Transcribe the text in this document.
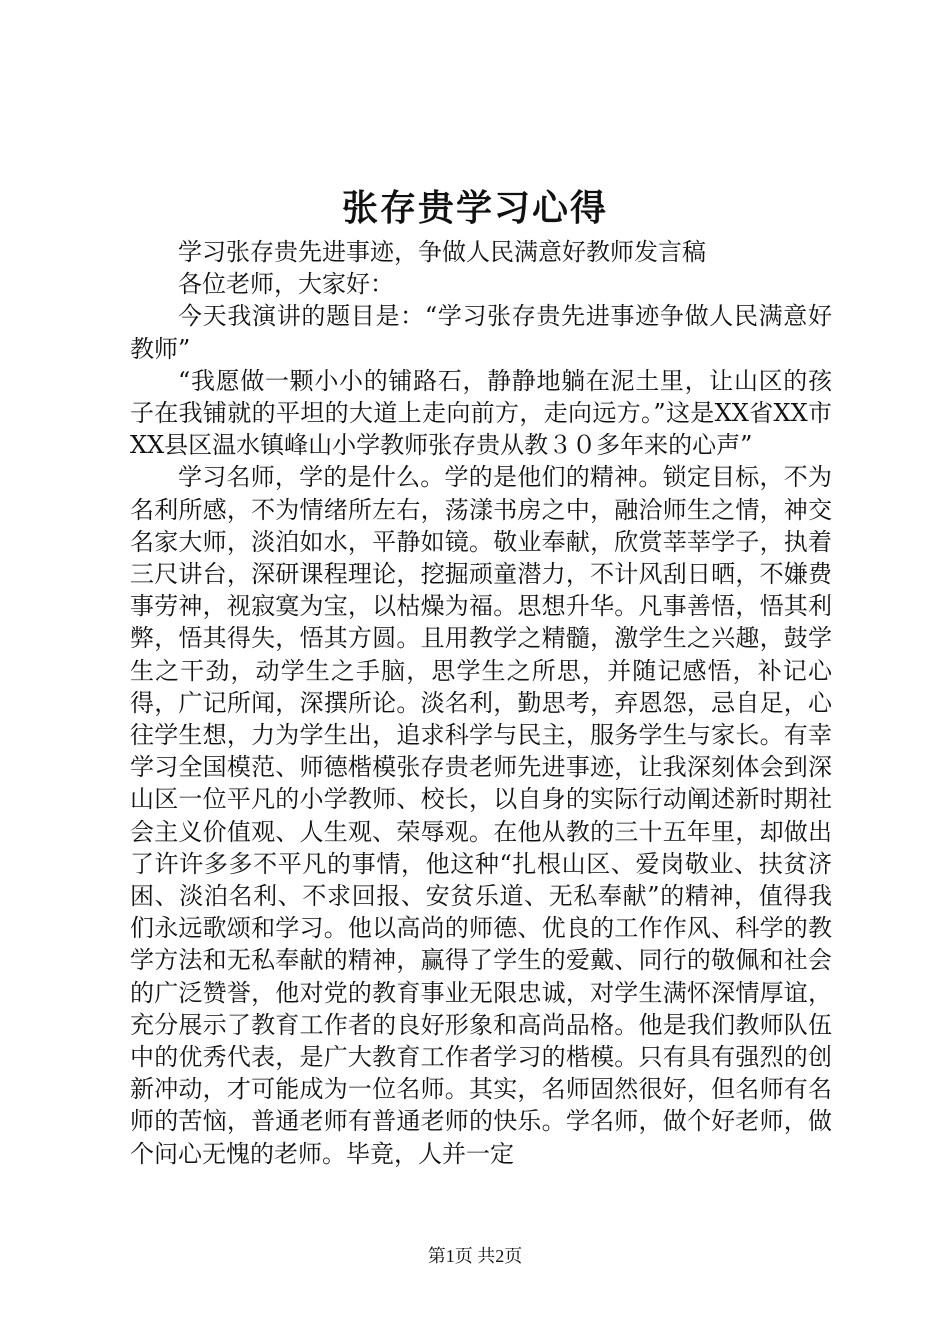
张存贵学习心得

学习张存贵先进事迹，争做人民满意好教师发言稿

各位老师，大家好：

今天我演讲的题目是：“学习张存贵先进事迹争做人民满意好教师”

“我愿做一颗小小的铺路石，静静地躺在泥土里，让山区的孩子在我铺就的平坦的大道上走向前方，走向远方。”这是XX省XX市XX县区温水镇峰山小学教师张存贵从教３０多年来的心声”

学习名师，学的是什么。学的是他们的精神。锁定目标，不为名利所感，不为情绪所左右，荡漾书房之中，融洽师生之情，神交名家大师，淡泊如水，平静如镜。敬业奉献，欣赏莘莘学子，执着三尺讲台，深研课程理论，挖掘顽童潜力，不计风刮日晒，不嫌费事劳神，视寂寞为宝，以枯燥为福。思想升华。凡事善悟，悟其利弊，悟其得失，悟其方圆。且用教学之精髓，激学生之兴趣，鼓学生之干劲，动学生之手脑，思学生之所思，并随记感悟，补记心得，广记所闻，深撰所论。淡名利，勤思考，弃恩怨，忌自足，心往学生想，力为学生出，追求科学与民主，服务学生与家长。有幸学习全国模范、师德楷模张存贵老师先进事迹，让我深刻体会到深山区一位平凡的小学教师、校长，以自身的实际行动阐述新时期社会主义价值观、人生观、荣辱观。在他从教的三十五年里，却做出了许许多多不平凡的事情，他这种“扎根山区、爱岗敬业、扶贫济困、淡泊名利、不求回报、安贫乐道、无私奉献”的精神，值得我们永远歌颂和学习。他以高尚的师德、优良的工作作风、科学的教学方法和无私奉献的精神，赢得了学生的爱戴、同行的敬佩和社会的广泛赞誉，他对党的教育事业无限忠诚，对学生满怀深情厚谊，充分展示了教育工作者的良好形象和高尚品格。他是我们教师队伍中的优秀代表，是广大教育工作者学习的楷模。只有具有强烈的创新冲动，才可能成为一位名师。其实，名师固然很好，但名师有名师的苦恼，普通老师有普通老师的快乐。学名师，做个好老师，做个问心无愧的老师。毕竟，人并一定

第1页 共2页
